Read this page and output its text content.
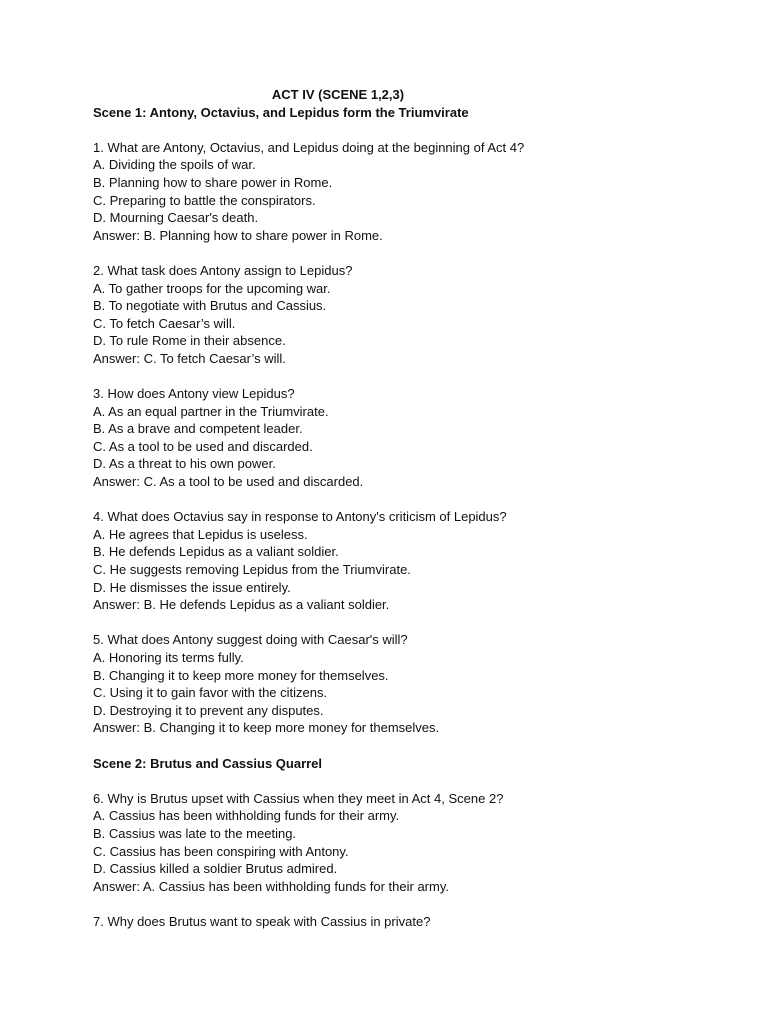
ACT IV (SCENE 1,2,3)

Scene 1: Antony, Octavius, and Lepidus form the Triumvirate

1. What are Antony, Octavius, and Lepidus doing at the beginning of Act 4?

A. Dividing the spoils of war.

B. Planning how to share power in Rome.

C. Preparing to battle the conspirators.

D. Mourning Caesar's death.

Answer: B. Planning how to share power in Rome.

2. What task does Antony assign to Lepidus?

A. To gather troops for the upcoming war.

B. To negotiate with Brutus and Cassius.

C. To fetch Caesar’s will.

D. To rule Rome in their absence.

Answer: C. To fetch Caesar’s will.

3. How does Antony view Lepidus?

A. As an equal partner in the Triumvirate.

B. As a brave and competent leader.

C. As a tool to be used and discarded.

D. As a threat to his own power.

Answer: C. As a tool to be used and discarded.

4. What does Octavius say in response to Antony's criticism of Lepidus?

A. He agrees that Lepidus is useless.

B. He defends Lepidus as a valiant soldier.

C. He suggests removing Lepidus from the Triumvirate.

D. He dismisses the issue entirely.

Answer: B. He defends Lepidus as a valiant soldier.

5. What does Antony suggest doing with Caesar's will?

A. Honoring its terms fully.

B. Changing it to keep more money for themselves.

C. Using it to gain favor with the citizens.

D. Destroying it to prevent any disputes.

Answer: B. Changing it to keep more money for themselves.

Scene 2: Brutus and Cassius Quarrel

6. Why is Brutus upset with Cassius when they meet in Act 4, Scene 2?

A. Cassius has been withholding funds for their army.

B. Cassius was late to the meeting.

C. Cassius has been conspiring with Antony.

D. Cassius killed a soldier Brutus admired.

Answer: A. Cassius has been withholding funds for their army.

7. Why does Brutus want to speak with Cassius in private?
